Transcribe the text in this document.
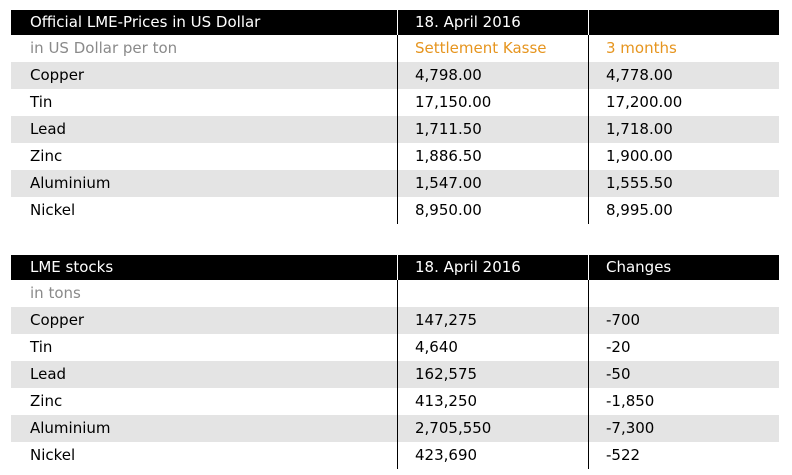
Official LME-Prices in US Dollar	18. April 2016
in US Dollar per ton	Settlement Kasse	3 months
Copper	4,798.00	4,778.00
Tin	17,150.00	17,200.00
Lead	1,711.50	1,718.00
Zinc	1,886.50	1,900.00
Aluminium	1,547.00	1,555.50
Nickel	8,950.00	8,995.00
LME stocks	18. April 2016	Changes
in tons
Copper	147,275	-700
Tin	4,640	-20
Lead	162,575	-50
Zinc	413,250	-1,850
Aluminium	2,705,550	-7,300
Nickel	423,690	-522
